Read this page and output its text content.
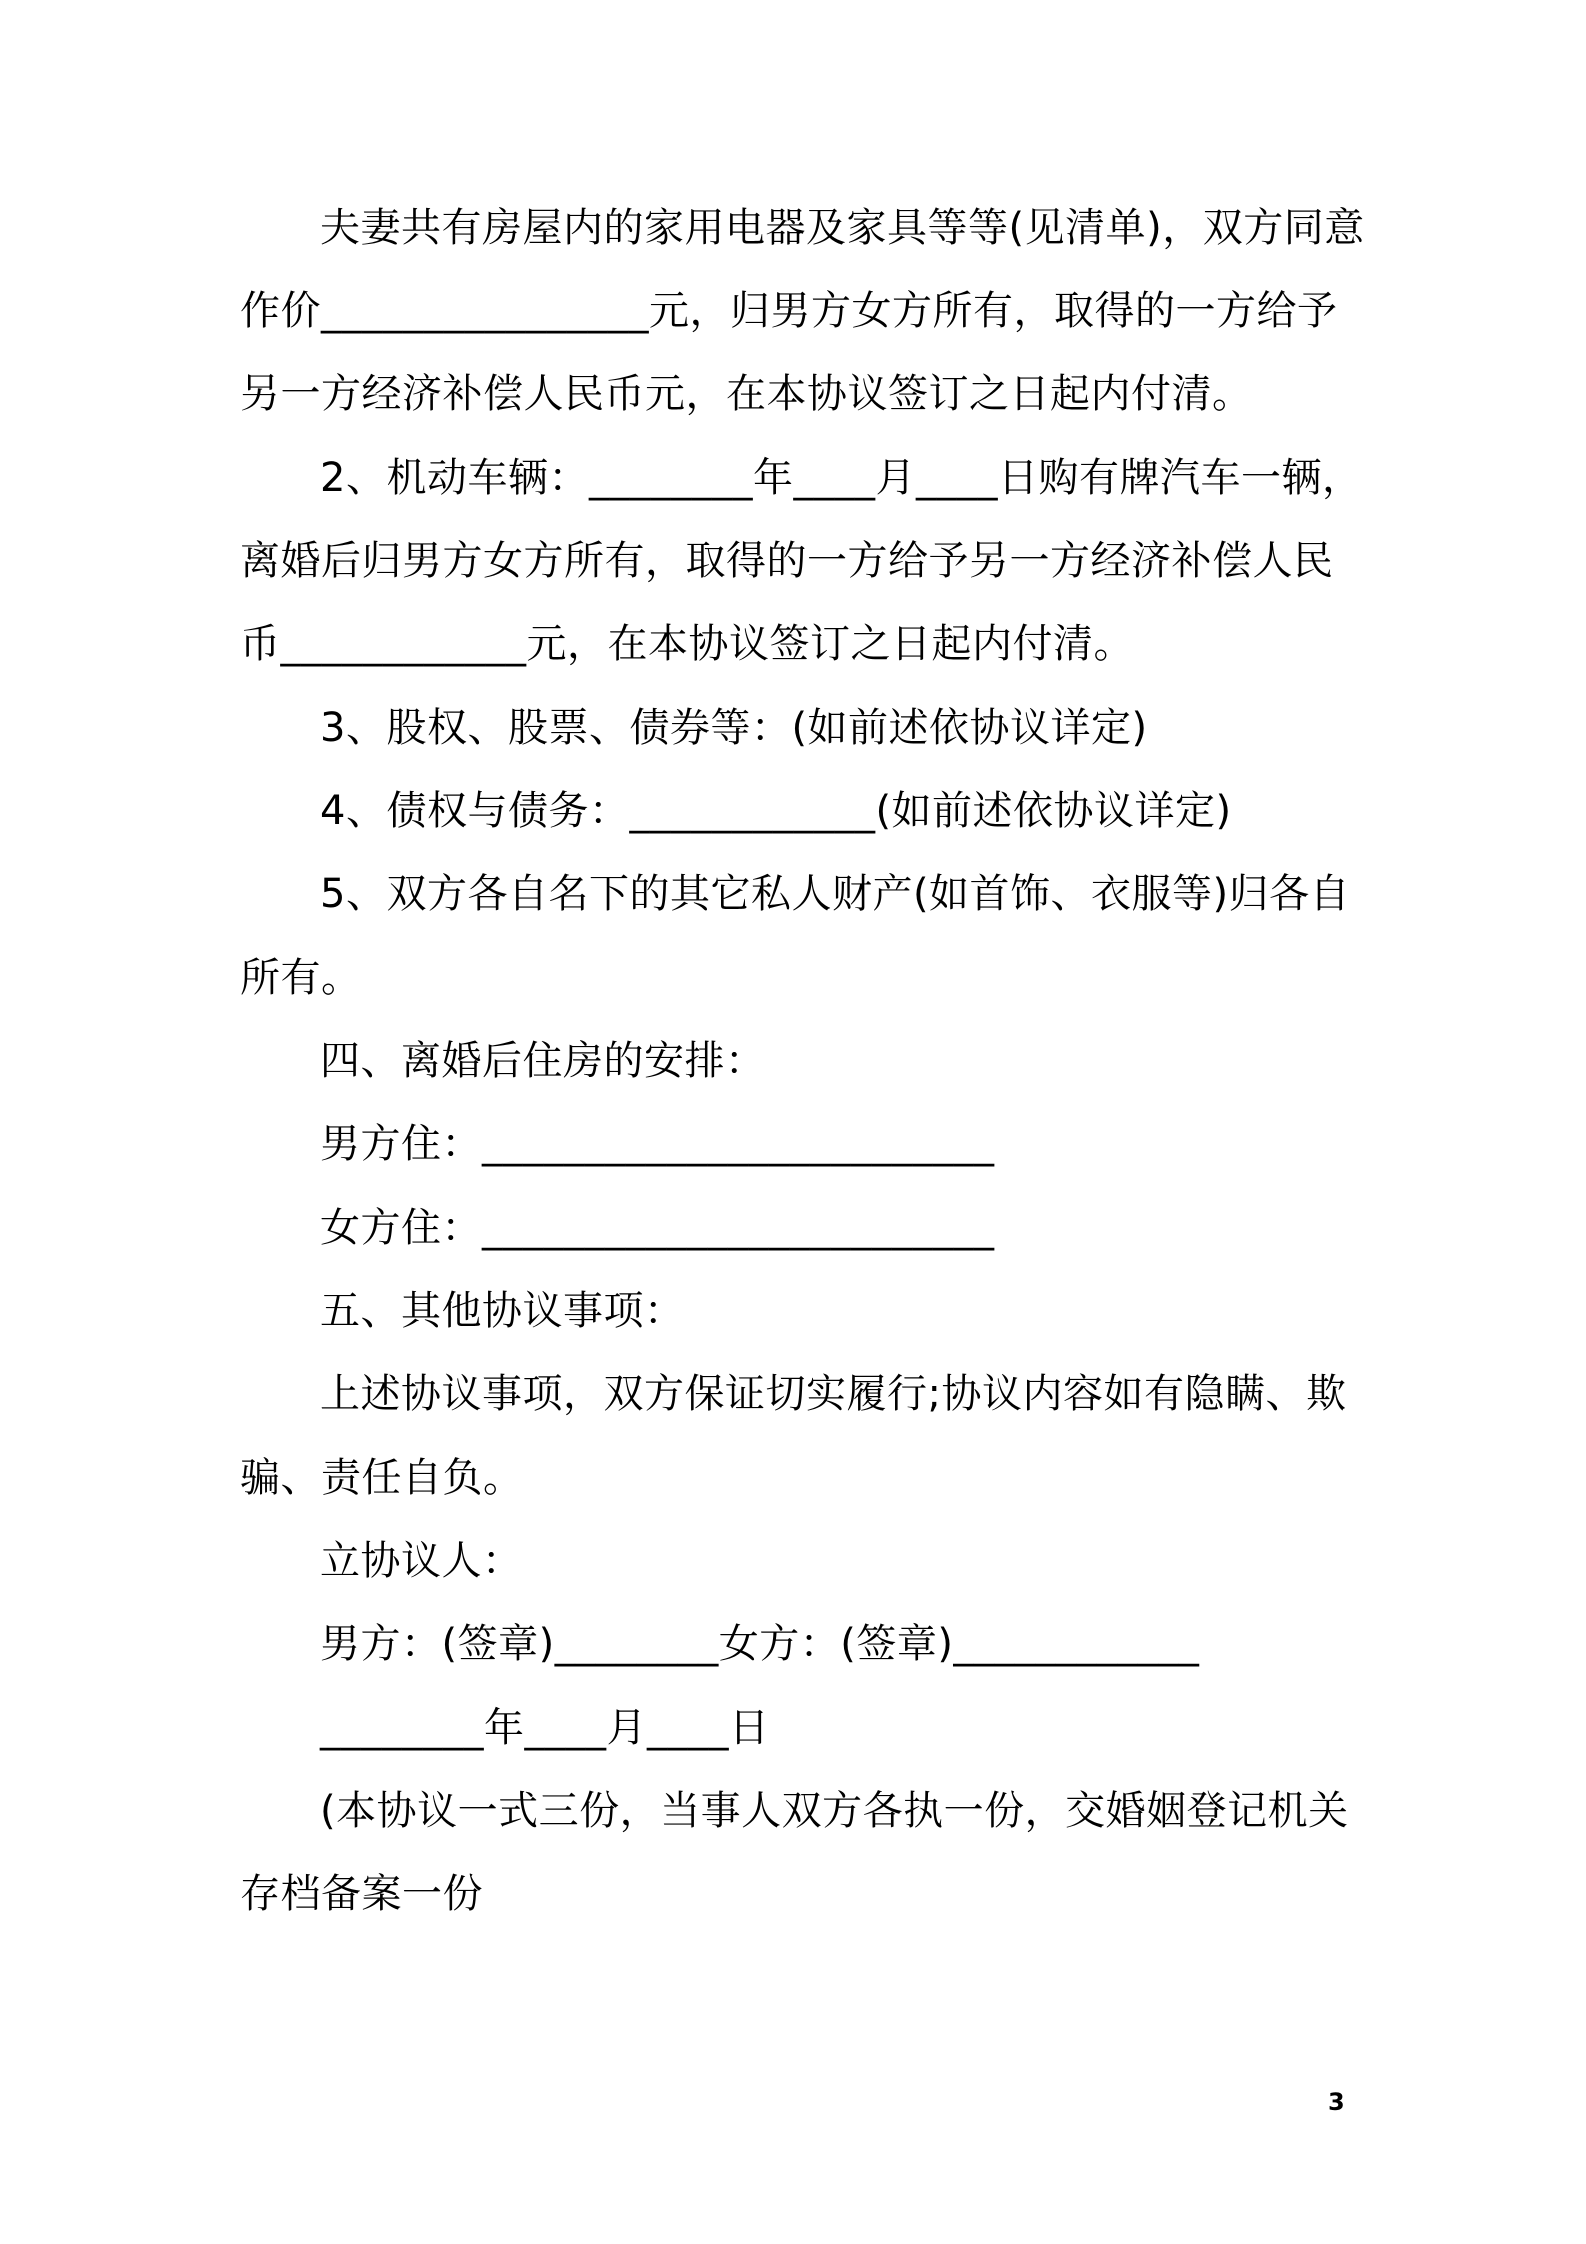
夫妻共有房屋内的家用电器及家具等等(见清单)，双方同意
作价________________元，归男方女方所有，取得的一方给予
另一方经济补偿人民币元，在本协议签订之日起内付清。
2、机动车辆：________年____月____日购有牌汽车一辆，
离婚后归男方女方所有，取得的一方给予另一方经济补偿人民
币____________元，在本协议签订之日起内付清。
3、股权、股票、债券等：(如前述依协议详定)
4、债权与债务：____________(如前述依协议详定)
5、双方各自名下的其它私人财产(如首饰、衣服等)归各自
所有。
四、离婚后住房的安排：
男方住：_________________________
女方住：_________________________
五、其他协议事项：
上述协议事项，双方保证切实履行;协议内容如有隐瞒、欺
骗、责任自负。
立协议人：
男方：(签章)________女方：(签章)____________
________年____月____日
(本协议一式三份，当事人双方各执一份，交婚姻登记机关
存档备案一份
3
